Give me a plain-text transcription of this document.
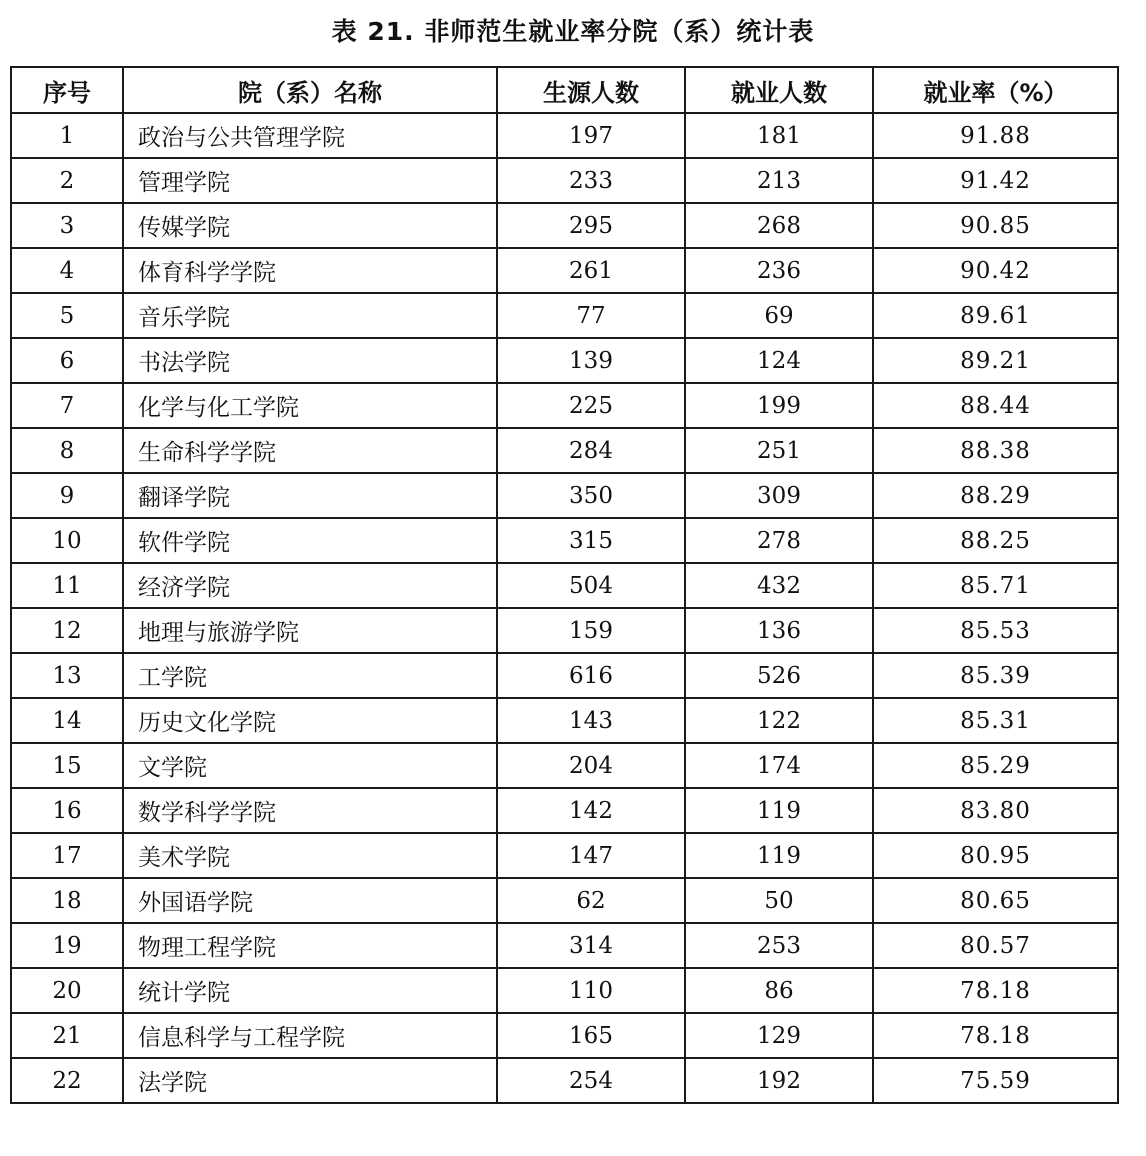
表 21. 非师范生就业率分院（系）统计表
序号	院（系）名称	生源人数	就业人数	就业率（%）
1	政治与公共管理学院	197	181	91.88
2	管理学院	233	213	91.42
3	传媒学院	295	268	90.85
4	体育科学学院	261	236	90.42
5	音乐学院	77	69	89.61
6	书法学院	139	124	89.21
7	化学与化工学院	225	199	88.44
8	生命科学学院	284	251	88.38
9	翻译学院	350	309	88.29
10	软件学院	315	278	88.25
11	经济学院	504	432	85.71
12	地理与旅游学院	159	136	85.53
13	工学院	616	526	85.39
14	历史文化学院	143	122	85.31
15	文学院	204	174	85.29
16	数学科学学院	142	119	83.80
17	美术学院	147	119	80.95
18	外国语学院	62	50	80.65
19	物理工程学院	314	253	80.57
20	统计学院	110	86	78.18
21	信息科学与工程学院	165	129	78.18
22	法学院	254	192	75.59
